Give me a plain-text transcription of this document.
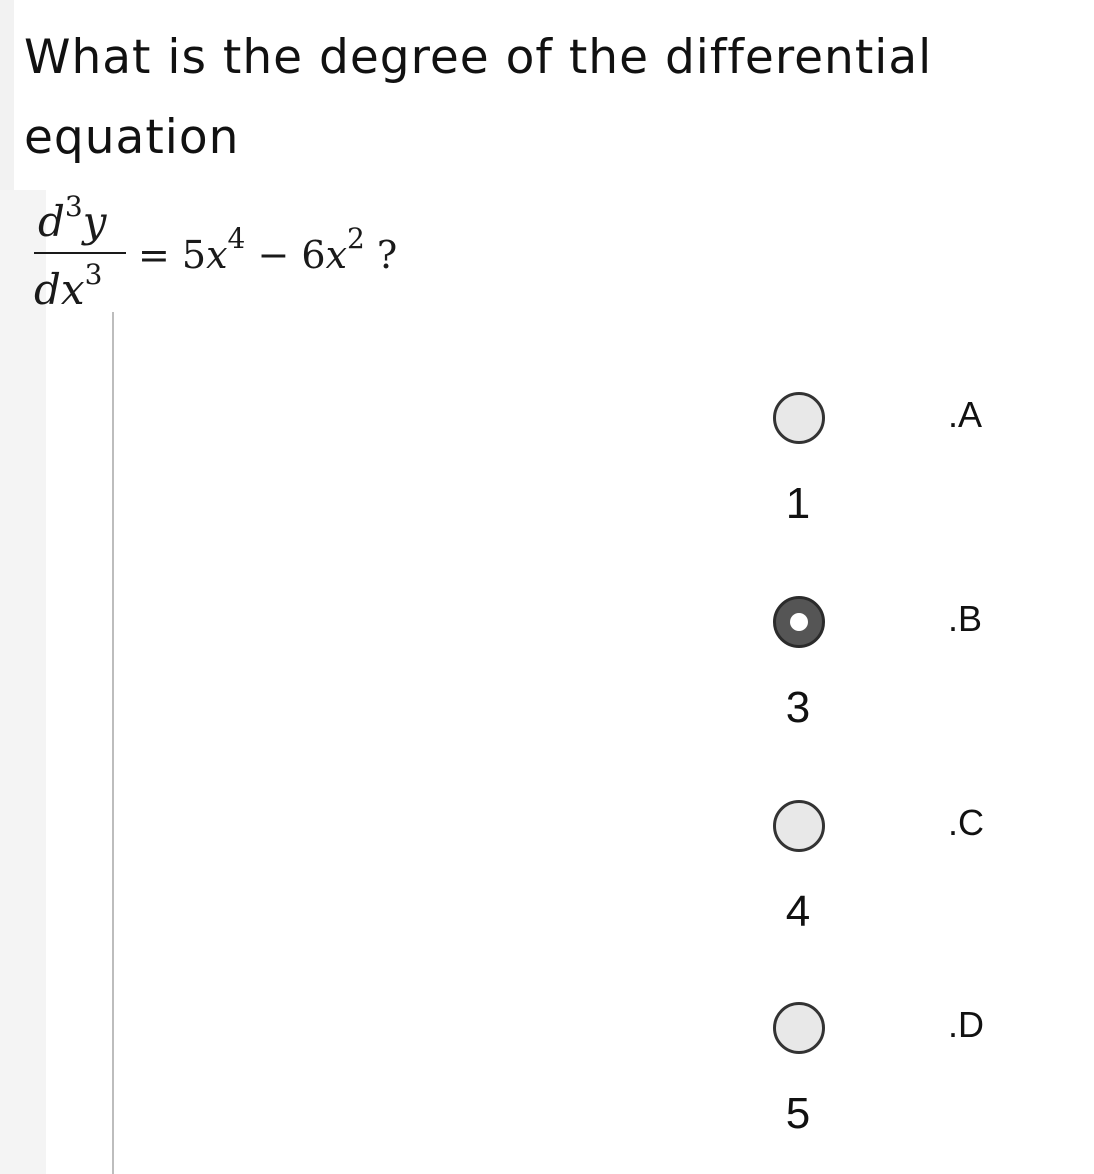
What is the degree of the differential equation
$d^3y$
$dx^3 = 5x^4 - 6x^2$ ?
.A
1
.B
3
.C
4
.D
5
